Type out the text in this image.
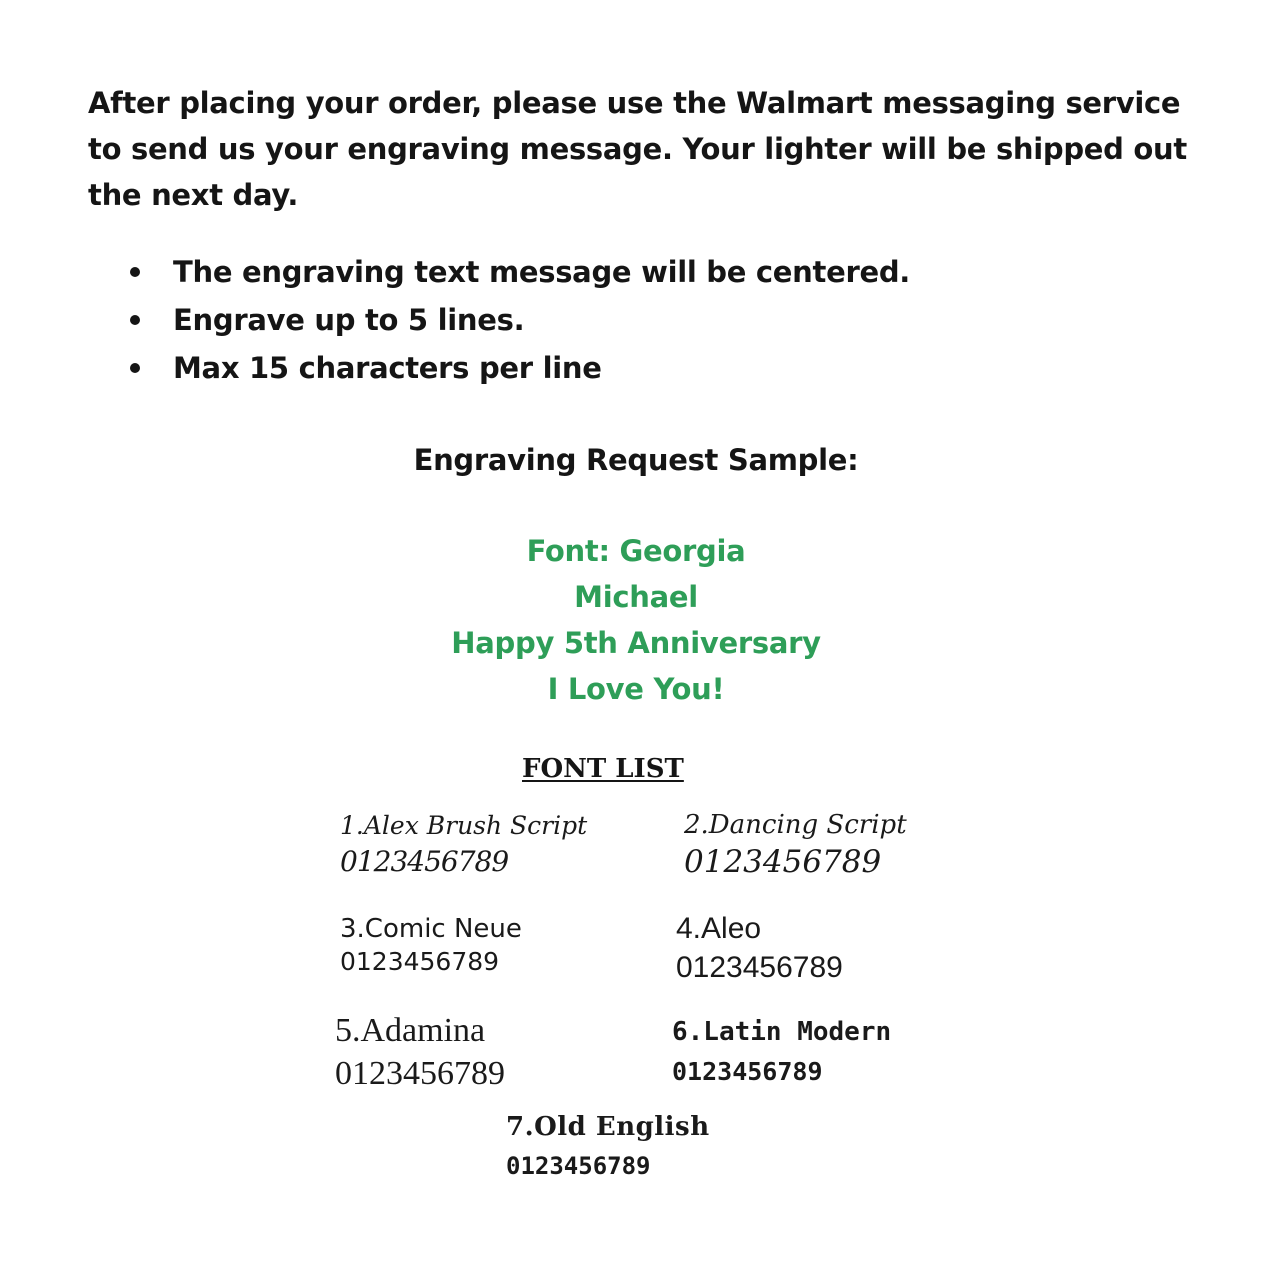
After placing your order, please use the Walmart messaging service to send us your engraving message. Your lighter will be shipped out the next day.

The engraving text message will be centered.
Engrave up to 5 lines.
Max 15 characters per line
Engraving Request Sample:
Font: Georgia
Michael
Happy 5th Anniversary
I Love You!
FONT LIST
1.Alex Brush Script
0123456789
2.Dancing Script
0123456789
3.Comic Neue
0123456789
4.Aleo
0123456789
5.Adamina
0123456789
6.Latin Modern
0123456789
7.Old English
0123456789
